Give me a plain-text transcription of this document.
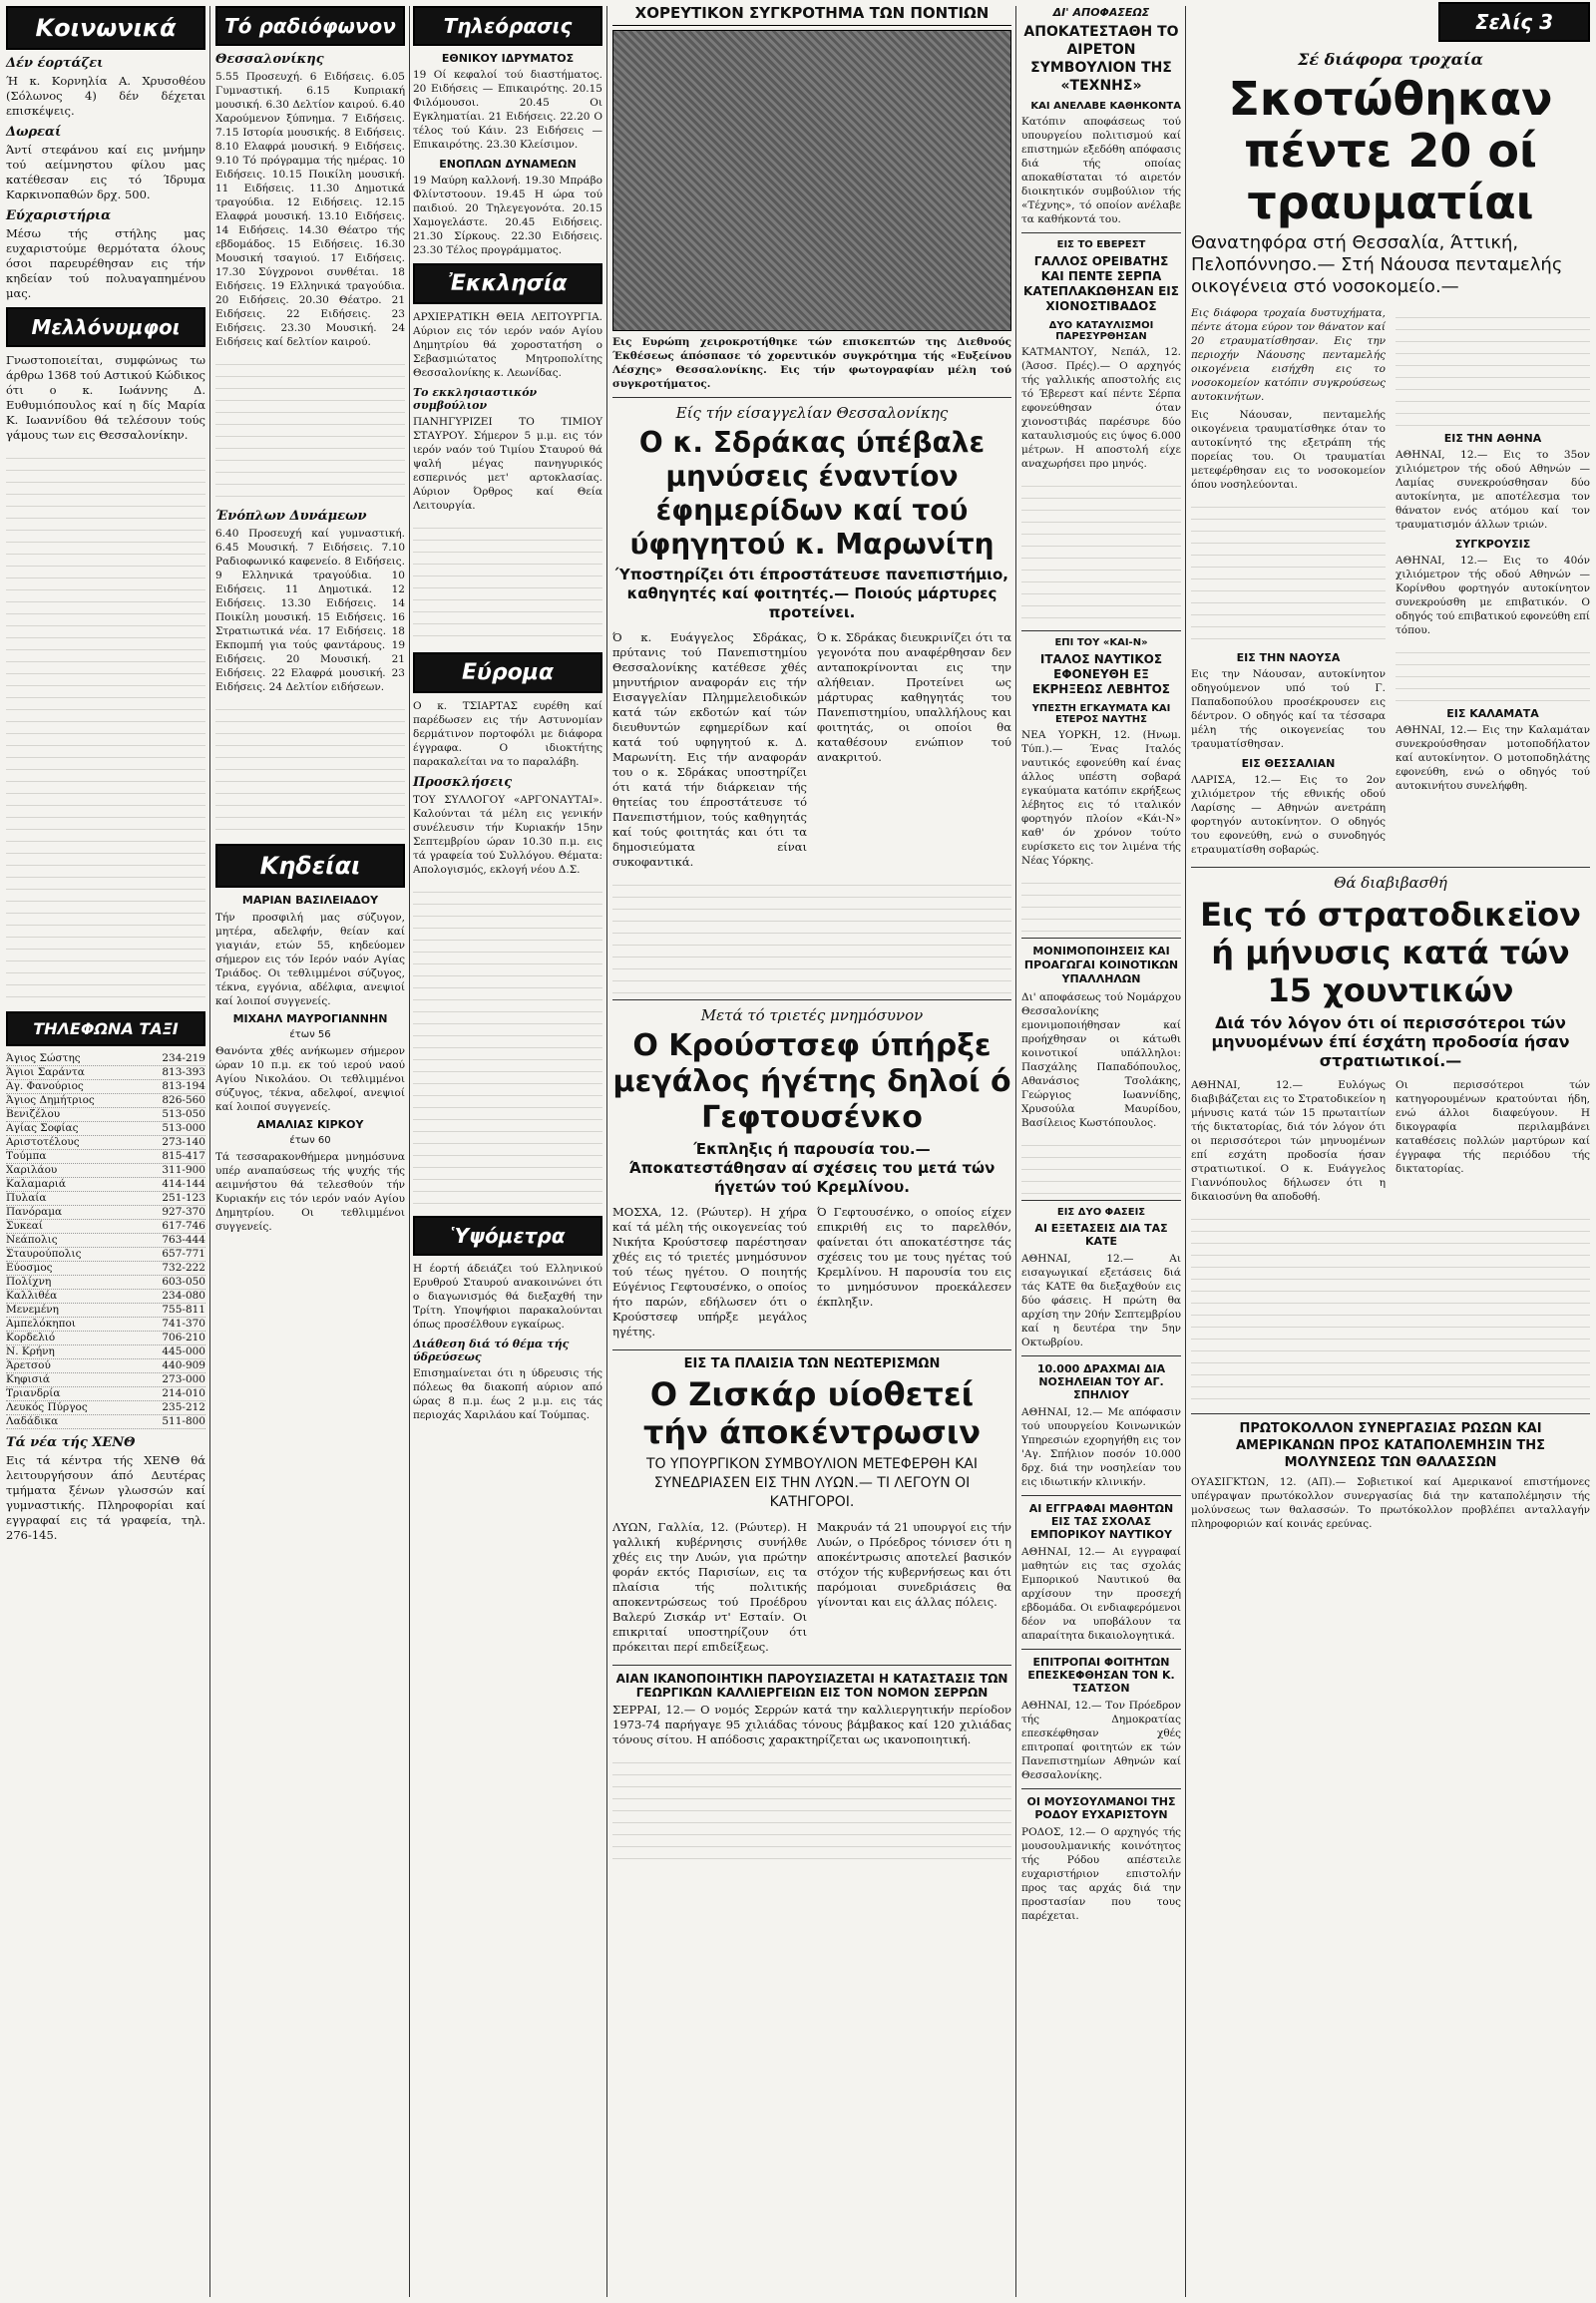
Κοινωνικά
Δέν έορτάζει

Ή κ. Κορνηλία Α. Χρυσοθέου (Σόλωνος 4) δέν δέχεται επισκέψεις.

Δωρεαί

Άντί στεφάνου καί εις μνήμην τού αείμνηστου φίλου μας κατέθεσαν εις τό Ίδρυμα Καρκινοπαθών δρχ. 500.

Εύχαριστήρια

Μέσω τής στήλης μας ευχαριστούμε θερμότατα όλους όσοι παρευρέθησαν εις τήν κηδείαν τού πολυαγαπημένου μας.

Μελλόνυμφοι

Γνωστοποιείται, συμφώνως τω άρθρω 1368 τού Αστικού Κώδικος ότι ο κ. Ιωάννης Δ. Ευθυμιόπουλος καί η δίς Μαρία Κ. Ιωαννίδου θά τελέσουν τούς γάμους των εις Θεσσαλονίκην.

ΤΗΛΕΦΩΝΑ ΤΑΞΙ
Άγιος Σώστης	234-219
Άγιοι Σαράντα	813-393
Αγ. Φανούριος	813-194
Άγιος Δημήτριος	826-560
Βενιζέλου	513-050
Αγίας Σοφίας	513-000
Αριστοτέλους	273-140
Τούμπα	815-417
Χαριλάου	311-900
Καλαμαριά	414-144
Πυλαία	251-123
Πανόραμα	927-370
Συκεαί	617-746
Νεάπολις	763-444
Σταυρούπολις	657-771
Εύοσμος	732-222
Πολίχνη	603-050
Καλλιθέα	234-080
Μενεμένη	755-811
Αμπελόκηποι	741-370
Κορδελιό	706-210
Ν. Κρήνη	445-000
Άρετσού	440-909
Κηφισιά	273-000
Τριανδρία	214-010
Λευκός Πύργος	235-212
Λαδάδικα	511-800
Τά νέα τής ΧΕΝΘ

Εις τά κέντρα τής ΧΕΝΘ θά λειτουργήσουν άπό Δευτέρας τμήματα ξένων γλωσσών καί γυμναστικής. Πληροφορίαι καί εγγραφαί εις τά γραφεία, τηλ. 276-145.

Τό ραδιόφωνον
Θεσσαλονίκης

5.55 Προσευχή. 6 Ειδήσεις. 6.05 Γυμναστική. 6.15 Κυπριακή μουσική. 6.30 Δελτίον καιρού. 6.40 Χαρούμενον ξύπνημα. 7 Ειδήσεις. 7.15 Ιστορία μουσικής. 8 Ειδήσεις. 8.10 Ελαφρά μουσική. 9 Ειδήσεις. 9.10 Τό πρόγραμμα τής ημέρας. 10 Ειδήσεις. 10.15 Ποικίλη μουσική. 11 Ειδήσεις. 11.30 Δημοτικά τραγούδια. 12 Ειδήσεις. 12.15 Ελαφρά μουσική. 13.10 Ειδήσεις. 14 Ειδήσεις. 14.30 Θέατρο τής εβδομάδος. 15 Ειδήσεις. 16.30 Μουσική τσαγιού. 17 Ειδήσεις. 17.30 Σύγχρονοι συνθέται. 18 Ειδήσεις. 19 Ελληνικά τραγούδια. 20 Ειδήσεις. 20.30 Θέατρο. 21 Ειδήσεις. 22 Ειδήσεις. 23 Ειδήσεις. 23.30 Μουσική. 24 Ειδήσεις καί δελτίον καιρού.

Ένόπλων Δυνάμεων

6.40 Προσευχή καί γυμναστική. 6.45 Μουσική. 7 Ειδήσεις. 7.10 Ραδιοφωνικό καφενείο. 8 Ειδήσεις. 9 Ελληνικά τραγούδια. 10 Ειδήσεις. 11 Δημοτικά. 12 Ειδήσεις. 13.30 Ειδήσεις. 14 Ποικίλη μουσική. 15 Ειδήσεις. 16 Στρατιωτικά νέα. 17 Ειδήσεις. 18 Εκπομπή για τούς φαντάρους. 19 Ειδήσεις. 20 Μουσική. 21 Ειδήσεις. 22 Ελαφρά μουσική. 23 Ειδήσεις. 24 Δελτίον ειδήσεων.

Κηδείαι
ΜΑΡΙΑΝ ΒΑΣΙΛΕΙΑΔΟΥ

Τήν προσφιλή μας σύζυγον, μητέρα, αδελφήν, θείαν καί γιαγιάν, ετών 55, κηδεύομεν σήμερον εις τόν Ιερόν ναόν Αγίας Τριάδος. Οι τεθλιμμένοι σύζυγος, τέκνα, εγγόνια, αδέλφια, ανεψιοί καί λοιποί συγγενείς.

ΜΙΧΑΗΛ ΜΑΥΡΟΓΙΑΝΝΗΝ
έτων 56

Θανόντα χθές ανήκωμεν σήμερον ώραν 10 π.μ. εκ τού ιερού ναού Αγίου Νικολάου. Οι τεθλιμμένοι σύζυγος, τέκνα, αδελφοί, ανεψιοί καί λοιποί συγγενείς.

ΑΜΑΛΙΑΣ ΚΙΡΚΟΥ
έτων 60

Τά τεσσαρακονθήμερα μνημόσυνα υπέρ αναπαύσεως τής ψυχής τής αειμνήστου θά τελεσθούν τήν Κυριακήν εις τόν ιερόν ναόν Αγίου Δημητρίου. Οι τεθλιμμένοι συγγενείς.

Τηλεόρασις
ΕΘΝΙΚΟΥ ΙΔΡΥΜΑΤΟΣ

19 Οί κεφαλοί τού διαστήματος. 20 Ειδήσεις — Επικαιρότης. 20.15 Φιλόμουσοι. 20.45 Οι Εγκληματίαι. 21 Ειδήσεις. 22.20 Ο τέλος τού Κάιν. 23 Ειδήσεις — Επικαιρότης. 23.30 Κλείσιμον.

ΕΝΟΠΛΩΝ ΔΥΝΑΜΕΩΝ

19 Μαύρη καλλονή. 19.30 Μπράβο Φλίντστοουν. 19.45 Η ώρα τού παιδιού. 20 Τηλεγεγονότα. 20.15 Χαμογελάστε. 20.45 Ειδήσεις. 21.30 Σίρκους. 22.30 Ειδήσεις. 23.30 Τέλος προγράμματος.

Ἐκκλησία

ΑΡΧΙΕΡΑΤΙΚΗ ΘΕΙΑ ΛΕΙΤΟΥΡΓΙΑ. Αύριον εις τόν ιερόν ναόν Αγίου Δημητρίου θά χοροστατήση ο Σεβασμιώτατος Μητροπολίτης Θεσσαλονίκης κ. Λεωνίδας.

Το εκκλησιαστικόν συμβούλιον

ΠΑΝΗΓΥΡΙΖΕΙ ΤΟ ΤΙΜΙΟΥ ΣΤΑΥΡΟΥ. Σήμερον 5 μ.μ. εις τόν ιερόν ναόν τού Τιμίου Σταυρού θά ψαλή μέγας πανηγυρικός εσπερινός μετ' αρτοκλασίας. Αύριον Όρθρος καί Θεία Λειτουργία.

Εύρομα

Ο κ. ΤΣΙΑΡΤΑΣ ευρέθη καί παρέδωσεν εις τήν Αστυνομίαν δερμάτινον πορτοφόλι με διάφορα έγγραφα. Ο ιδιοκτήτης παρακαλείται να το παραλάβη.

Προσκλήσεις

ΤΟΥ ΣΥΛΛΟΓΟΥ «ΑΡΓΟΝΑΥΤΑΙ». Καλούνται τά μέλη εις γενικήν συνέλευσιν τήν Κυριακήν 15ην Σεπτεμβρίου ώραν 10.30 π.μ. εις τά γραφεία τού Συλλόγου. Θέματα: Απολογισμός, εκλογή νέου Δ.Σ.

Ὑψόμετρα

Η έορτή άδειάζει τού Ελληνικού Ερυθρού Σταυρού ανακοινώνει ότι ο διαγωνισμός θά διεξαχθή την Τρίτη. Υποψήφιοι παρακαλούνται όπως προσέλθουν εγκαίρως.

Διάθεση διά τό θέμα τής ύδρεύσεως

Επισημαίνεται ότι η ύδρευσις τής πόλεως θα διακοπή αύριον από ώρας 8 π.μ. έως 2 μ.μ. εις τάς περιοχάς Χαριλάου καί Τούμπας.

ΧΟΡΕΥΤΙΚΟΝ ΣΥΓΚΡΟΤΗΜΑ ΤΩΝ ΠΟΝΤΙΩΝ

Εις Ευρώπη χειροκροτήθηκε τών επισκεπτών της Διεθνούς Έκθέσεως άπόσπασε τό χορευτικόν συγκρότημα τής «Ευξείνου Λέσχης» Θεσσαλονίκης. Εις τήν φωτογραφίαν μέλη τού συγκροτήματος.

Είς τήν είσαγγελίαν Θεσσαλονίκης
Ο κ. Σδράκας ύπέβαλε μηνύσεις έναντίον έφημερίδων καί τού ύφηγητού κ. Μαρωνίτη
Ύποστηρίζει ότι έπροστάτευσε πανεπιστήμιο, καθηγητές καί φοιτητές.— Ποιούς μάρτυρες προτείνει.

Ό κ. Ευάγγελος Σδράκας, πρύτανις τού Πανεπιστημίου Θεσσαλονίκης κατέθεσε χθές μηνυτήριον αναφοράν εις τήν Εισαγγελίαν Πλημμελειοδικών κατά τών εκδοτών καί τών διευθυντών εφημερίδων καί κατά τού υφηγητού κ. Δ. Μαρωνίτη. Εις τήν αναφοράν του ο κ. Σδράκας υποστηρίζει ότι κατά τήν διάρκειαν τής θητείας του έπροστάτευσε τό Πανεπιστήμιον, τούς καθηγητάς καί τούς φοιτητάς και ότι τα δημοσιεύματα είναι συκοφαντικά.

Ό κ. Σδράκας διευκρινίζει ότι τα γεγονότα που αναφέρθησαν δεν ανταποκρίνονται εις την αλήθειαν. Προτείνει ως μάρτυρας καθηγητάς του Πανεπιστημίου, υπαλλήλους και φοιτητάς, οι οποίοι θα καταθέσουν ενώπιον τού ανακριτού.

Μετά τό τριετές μνημόσυνον
Ο Κρούστσεφ ύπήρξε μεγάλος ήγέτης δηλοί ό Γεφτουσένκο
Έκπληξις ή παρουσία του.— Άποκατεστάθησαν αί σχέσεις του μετά τών ήγετών τού Κρεμλίνου.

ΜΟΣΧΑ, 12. (Ρώυτερ). Η χήρα καί τά μέλη τής οικογενείας τού Νικήτα Κρούστσεφ παρέστησαν χθές εις τό τριετές μνημόσυνον τού τέως ηγέτου. Ο ποιητής Εύγένιος Γεφτουσένκο, ο οποίος ήτο παρών, εδήλωσεν ότι ο Κρούστσεφ υπήρξε μεγάλος ηγέτης.

Ό Γεφτουσένκο, ο οποίος είχεν επικριθή εις το παρελθόν, φαίνεται ότι αποκατέστησε τάς σχέσεις του με τους ηγέτας τού Κρεμλίνου. Η παρουσία του εις το μνημόσυνον προεκάλεσεν έκπληξιν.

ΕΙΣ ΤΑ ΠΛΑΙΣΙΑ ΤΩΝ ΝΕΩΤΕΡΙΣΜΩΝ
Ο Ζισκάρ υίοθετεί τήν άποκέντρωσιν
ΤΟ ΥΠΟΥΡΓΙΚΟΝ ΣΥΜΒΟΥΛΙΟΝ ΜΕΤΕΦΕΡΘΗ ΚΑΙ ΣΥΝΕΔΡΙΑΣΕΝ ΕΙΣ ΤΗΝ ΛΥΩΝ.— ΤΙ ΛΕΓΟΥΝ ΟΙ ΚΑΤΗΓΟΡΟΙ.

ΛΥΩΝ, Γαλλία, 12. (Ρώυτερ). Η γαλλική κυβέρνησις συνήλθε χθές εις την Λυών, για πρώτην φοράν εκτός Παρισίων, εις τα πλαίσια τής πολιτικής αποκεντρώσεως τού Προέδρου Βαλερύ Ζισκάρ ντ' Εσταίν. Οι επικριταί υποστηρίζουν ότι πρόκειται περί επιδείξεως.

Μακρυάν τά 21 υπουργοί εις τήν Λυών, ο Πρόεδρος τόνισεν ότι η αποκέντρωσις αποτελεί βασικόν στόχον τής κυβερνήσεως και ότι παρόμοιαι συνεδριάσεις θα γίνονται και εις άλλας πόλεις.

ΑΙΑΝ ΙΚΑΝΟΠΟΙΗΤΙΚΗ ΠΑΡΟΥΣΙΑΖΕΤΑΙ Η ΚΑΤΑΣΤΑΣΙΣ ΤΩΝ ΓΕΩΡΓΙΚΩΝ ΚΑΛΛΙΕΡΓΕΙΩΝ ΕΙΣ ΤΟΝ ΝΟΜΟΝ ΣΕΡΡΩΝ

ΣΕΡΡΑΙ, 12.— Ο νομός Σερρών κατά την καλλιεργητικήν περίοδον 1973-74 παρήγαγε 95 χιλιάδας τόνους βάμβακος καί 120 χιλιάδας τόνους σίτου. Η απόδοσις χαρακτηρίζεται ως ικανοποιητική.

ΔΙ' ΑΠΟΦΑΣΕΩΣ
ΑΠΟΚΑΤΕΣΤΑΘΗ ΤΟ ΑΙΡΕΤΟΝ ΣΥΜΒΟΥΛΙΟΝ ΤΗΣ «ΤΕΧΝΗΣ»
ΚΑΙ ΑΝΕΛΑΒΕ ΚΑΘΗΚΟΝΤΑ

Κατόπιν αποφάσεως τού υπουργείου πολιτισμού καί επιστημών εξεδόθη απόφασις διά τής οποίας αποκαθίσταται τό αιρετόν διοικητικόν συμβούλιον τής «Τέχνης», τό οποίον ανέλαβε τα καθήκοντά του.

ΕΙΣ ΤΟ ΕΒΕΡΕΣΤ
ΓΑΛΛΟΣ ΟΡΕΙΒΑΤΗΣ ΚΑΙ ΠΕΝΤΕ ΣΕΡΠΑ ΚΑΤΕΠΛΑΚΩΘΗΣΑΝ ΕΙΣ ΧΙΟΝΟΣΤΙΒΑΔΟΣ
ΔΥΟ ΚΑΤΑΥΛΙΣΜΟΙ ΠΑΡΕΣΥΡΘΗΣΑΝ

ΚΑΤΜΑΝΤΟΥ, Νεπάλ, 12. (Άσοσ. Πρές).— Ο αρχηγός τής γαλλικής αποστολής εις τό Έβερεστ καί πέντε Σέρπα εφονεύθησαν όταν χιονοστιβάς παρέσυρε δύο καταυλισμούς εις ύψος 6.000 μέτρων. Η αποστολή είχε αναχωρήσει προ μηνός.

ΕΠΙ ΤΟΥ «ΚΑΙ-Ν»
ΙΤΑΛΟΣ ΝΑΥΤΙΚΟΣ ΕΦΟΝΕΥΘΗ ΕΞ ΕΚΡΗΞΕΩΣ ΛΕΒΗΤΟΣ
ΥΠΕΣΤΗ ΕΓΚΑΥΜΑΤΑ ΚΑΙ ΕΤΕΡΟΣ ΝΑΥΤΗΣ

ΝΕΑ ΥΟΡΚΗ, 12. (Ηνωμ. Τύπ.).— Ένας Ιταλός ναυτικός εφονεύθη καί ένας άλλος υπέστη σοβαρά εγκαύματα κατόπιν εκρήξεως λέβητος εις τό ιταλικόν φορτηγόν πλοίον «Κάι-Ν» καθ' όν χρόνον τούτο ευρίσκετο εις τον λιμένα τής Νέας Υόρκης.

ΜΟΝΙΜΟΠΟΙΗΣΕΙΣ ΚΑΙ ΠΡΟΑΓΩΓΑΙ ΚΟΙΝΟΤΙΚΩΝ ΥΠΑΛΛΗΛΩΝ

Δι' αποφάσεως τού Νομάρχου Θεσσαλονίκης εμονιμοποιήθησαν καί προήχθησαν οι κάτωθι κοινοτικοί υπάλληλοι: Πασχάλης Παπαδόπουλος, Αθανάσιος Τσολάκης, Γεώργιος Ιωαννίδης, Χρυσούλα Μαυρίδου, Βασίλειος Κωστόπουλος.

ΕΙΣ ΔΥΟ ΦΑΣΕΙΣ
ΑΙ ΕΞΕΤΑΣΕΙΣ ΔΙΑ ΤΑΣ ΚΑΤΕ

ΑΘΗΝΑΙ, 12.— Αι εισαγωγικαί εξετάσεις διά τάς ΚΑΤΕ θα διεξαχθούν εις δύο φάσεις. Η πρώτη θα αρχίση την 20ήν Σεπτεμβρίου καί η δευτέρα την 5ην Οκτωβρίου.

10.000 ΔΡΑΧΜΑΙ ΔΙΑ ΝΟΣΗΛΕΙΑΝ ΤΟΥ ΑΓ. ΣΠΗΛΙΟΥ

ΑΘΗΝΑΙ, 12.— Με απόφασιν τού υπουργείου Κοινωνικών Υπηρεσιών εχορηγήθη εις τον 'Αγ. Σπήλιον ποσόν 10.000 δρχ. διά την νοσηλείαν του εις ιδιωτικήν κλινικήν.

ΑΙ ΕΓΓΡΑΦΑΙ ΜΑΘΗΤΩΝ ΕΙΣ ΤΑΣ ΣΧΟΛΑΣ ΕΜΠΟΡΙΚΟΥ ΝΑΥΤΙΚΟΥ

ΑΘΗΝΑΙ, 12.— Αι εγγραφαί μαθητών εις τας σχολάς Εμπορικού Ναυτικού θα αρχίσουν την προσεχή εβδομάδα. Οι ενδιαφερόμενοι δέον να υποβάλουν τα απαραίτητα δικαιολογητικά.

ΕΠΙΤΡΟΠΑΙ ΦΟΙΤΗΤΩΝ ΕΠΕΣΚΕΦΘΗΣΑΝ ΤΟΝ Κ. ΤΣΑΤΣΟΝ

ΑΘΗΝΑΙ, 12.— Τον Πρόεδρον τής Δημοκρατίας επεσκέφθησαν χθές επιτροπαί φοιτητών εκ τών Πανεπιστημίων Αθηνών καί Θεσσαλονίκης.

ΟΙ ΜΟΥΣΟΥΛΜΑΝΟΙ ΤΗΣ ΡΟΔΟΥ ΕΥΧΑΡΙΣΤΟΥΝ

ΡΟΔΟΣ, 12.— Ο αρχηγός τής μουσουλμανικής κοινότητος τής Ρόδου απέστειλε ευχαριστήριον επιστολήν προς τας αρχάς διά την προστασίαν που τους παρέχεται.

Σελίς 3
Σέ διάφορα τροχαία
Σκοτώθηκαν πέντε 20 οί τραυματίαι
Θανατηφόρα στή Θεσσαλία, Άττική, Πελοπόννησο.— Στή Νάουσα πενταμελής οικογένεια στό νοσοκομείο.—

Εις διάφορα τροχαία δυστυχήματα, πέντε άτομα εύρον τον θάνατον καί 20 ετραυματίσθησαν. Εις την περιοχήν Νάουσης πενταμελής οικογένεια εισήχθη εις το νοσοκομείον κατόπιν συγκρούσεως αυτοκινήτων.

Εις Νάουσαν, πενταμελής οικογένεια τραυματίσθηκε όταν το αυτοκίνητό της εξετράπη τής πορείας του. Οι τραυματίαι μετεφέρθησαν εις το νοσοκομείον όπου νοσηλεύονται.

ΕΙΣ ΤΗΝ ΝΑΟΥΣΑ

Εις την Νάουσαν, αυτοκίνητον οδηγούμενον υπό τού Γ. Παπαδοπούλου προσέκρουσεν εις δέντρον. Ο οδηγός καί τα τέσσαρα μέλη τής οικογενείας του τραυματίσθησαν.

ΕΙΣ ΘΕΣΣΑΛΙΑΝ

ΛΑΡΙΣΑ, 12.— Εις το 2ον χιλιόμετρον τής εθνικής οδού Λαρίσης — Αθηνών ανετράπη φορτηγόν αυτοκίνητον. Ο οδηγός του εφονεύθη, ενώ ο συνοδηγός ετραυματίσθη σοβαρώς.

ΕΙΣ ΤΗΝ ΑΘΗΝΑ

ΑΘΗΝΑΙ, 12.— Εις το 35ον χιλιόμετρον τής οδού Αθηνών — Λαμίας συνεκρούσθησαν δύο αυτοκίνητα, με αποτέλεσμα τον θάνατον ενός ατόμου καί τον τραυματισμόν άλλων τριών.

ΣΥΓΚΡΟΥΣΙΣ

ΑΘΗΝΑΙ, 12.— Εις το 40όν χιλιόμετρον τής οδού Αθηνών — Κορίνθου φορτηγόν αυτοκίνητον συνεκρούσθη με επιβατικόν. Ο οδηγός τού επιβατικού εφονεύθη επί τόπου.

ΕΙΣ ΚΑΛΑΜΑΤΑ

ΑΘΗΝΑΙ, 12.— Εις την Καλαμάταν συνεκρούσθησαν μοτοποδήλατον καί αυτοκίνητον. Ο μοτοποδηλάτης εφονεύθη, ενώ ο οδηγός τού αυτοκινήτου συνελήφθη.

Θά διαβιβασθή
Εις τό στρατοδικεϊον ή μήνυσις κατά τών 15 χουντικών
Διά τόν λόγον ότι οί περισσότεροι τών μηνυομένων έπί έσχάτη προδοσία ήσαν στρατιωτικοί.—

ΑΘΗΝΑΙ, 12.— Ευλόγως διαβιβάζεται εις το Στρατοδικείον η μήνυσις κατά τών 15 πρωταιτίων τής δικτατορίας, διά τόν λόγον ότι οι περισσότεροι τών μηνυομένων επί εσχάτη προδοσία ήσαν στρατιωτικοί. Ο κ. Ευάγγελος Γιαννόπουλος δήλωσεν ότι η δικαιοσύνη θα αποδοθή.

Οι περισσότεροι τών κατηγορουμένων κρατούνται ήδη, ενώ άλλοι διαφεύγουν. Η δικογραφία περιλαμβάνει καταθέσεις πολλών μαρτύρων καί έγγραφα τής περιόδου τής δικτατορίας.

ΠΡΩΤΟΚΟΛΛΟΝ ΣΥΝΕΡΓΑΣΙΑΣ ΡΩΣΩΝ ΚΑΙ ΑΜΕΡΙΚΑΝΩΝ ΠΡΟΣ ΚΑΤΑΠΟΛΕΜΗΣΙΝ ΤΗΣ ΜΟΛΥΝΣΕΩΣ ΤΩΝ ΘΑΛΑΣΣΩΝ

ΟΥΑΣΙΓΚΤΩΝ, 12. (ΑΠ).— Σοβιετικοί καί Αμερικανοί επιστήμονες υπέγραψαν πρωτόκολλον συνεργασίας διά την καταπολέμησιν τής μολύνσεως των θαλασσών. Το πρωτόκολλον προβλέπει ανταλλαγήν πληροφοριών καί κοινάς ερεύνας.
